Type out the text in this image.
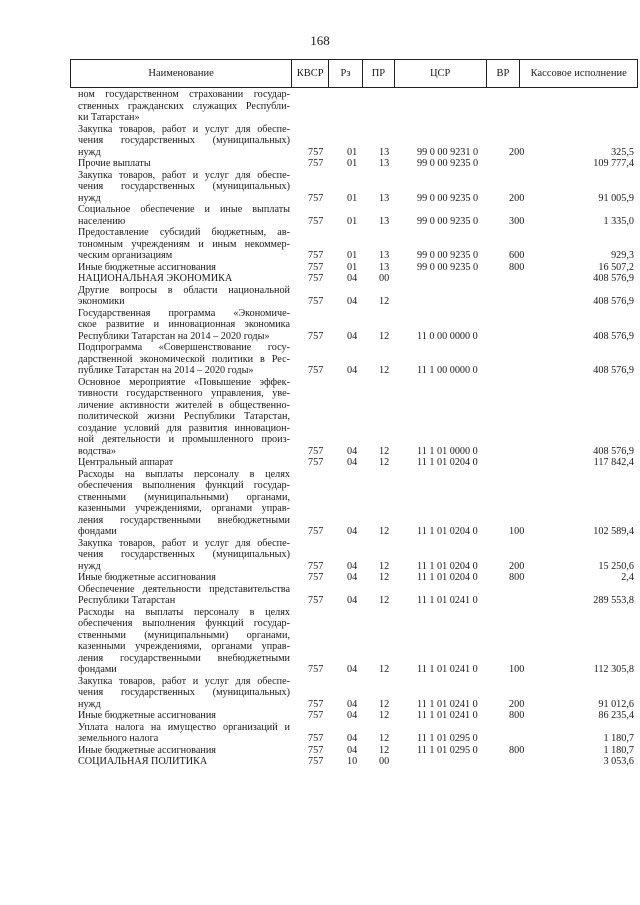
168
Наименование	КВСР	Рз	ПР	ЦСР	ВР	Кассовое исполнение
ном государственном страховании государ-
ственных гражданских служащих Республи-
ки Татарстан»
Закупка товаров, работ и услуг для обеспе-
чения государственных (муниципальных)
нужд	757 01 13	99 0 00 9231 0	200	325,5
Прочие выплаты	757 01 13	99 0 00 9235 0	109 777,4
Закупка товаров, работ и услуг для обеспе-
чения государственных (муниципальных)
нужд	757 01 13	99 0 00 9235 0	200	91 005,9
Социальное обеспечение и иные выплаты
населению	757 01 13	99 0 00 9235 0	300	1 335,0
Предоставление субсидий бюджетным, ав-
тономным учреждениям и иным некоммер-
ческим организациям	757 01 13	99 0 00 9235 0	600	929,3
Иные бюджетные ассигнования	757 01 13	99 0 00 9235 0	800	16 507,2
НАЦИОНАЛЬНАЯ ЭКОНОМИКА	757 04 00	408 576,9
Другие вопросы в области национальной
экономики	757 04 12	408 576,9
Государственная программа «Экономиче-
ское развитие и инновационная экономика
Республики Татарстан на 2014 – 2020 годы»	757 04 12	11 0 00 0000 0	408 576,9
Подпрограмма «Совершенствование госу-
дарственной экономической политики в Рес-
публике Татарстан на 2014 – 2020 годы»	757 04 12	11 1 00 0000 0	408 576,9
Основное мероприятие «Повышение эффек-
тивности государственного управления, уве-
личение активности жителей в общественно-
политической жизни Республики Татарстан,
создание условий для развития инновацион-
ной деятельности и промышленного произ-
водства»	757 04 12	11 1 01 0000 0	408 576,9
Центральный аппарат	757 04 12	11 1 01 0204 0	117 842,4
Расходы на выплаты персоналу в целях
обеспечения выполнения функций государ-
ственными (муниципальными) органами,
казенными учреждениями, органами управ-
ления государственными внебюджетными
фондами	757 04 12	11 1 01 0204 0	100	102 589,4
Закупка товаров, работ и услуг для обеспе-
чения государственных (муниципальных)
нужд	757 04 12	11 1 01 0204 0	200	15 250,6
Иные бюджетные ассигнования	757 04 12	11 1 01 0204 0	800	2,4
Обеспечение деятельности представительства
Республики Татарстан	757 04 12	11 1 01 0241 0	289 553,8
Расходы на выплаты персоналу в целях
обеспечения выполнения функций государ-
ственными (муниципальными) органами,
казенными учреждениями, органами управ-
ления государственными внебюджетными
фондами	757 04 12	11 1 01 0241 0	100	112 305,8
Закупка товаров, работ и услуг для обеспе-
чения государственных (муниципальных)
нужд	757 04 12	11 1 01 0241 0	200	91 012,6
Иные бюджетные ассигнования	757 04 12	11 1 01 0241 0	800	86 235,4
Уплата налога на имущество организаций и
земельного налога	757 04 12	11 1 01 0295 0	1 180,7
Иные бюджетные ассигнования	757 04 12	11 1 01 0295 0	800	1 180,7
СОЦИАЛЬНАЯ ПОЛИТИКА	757 10 00	3 053,6
